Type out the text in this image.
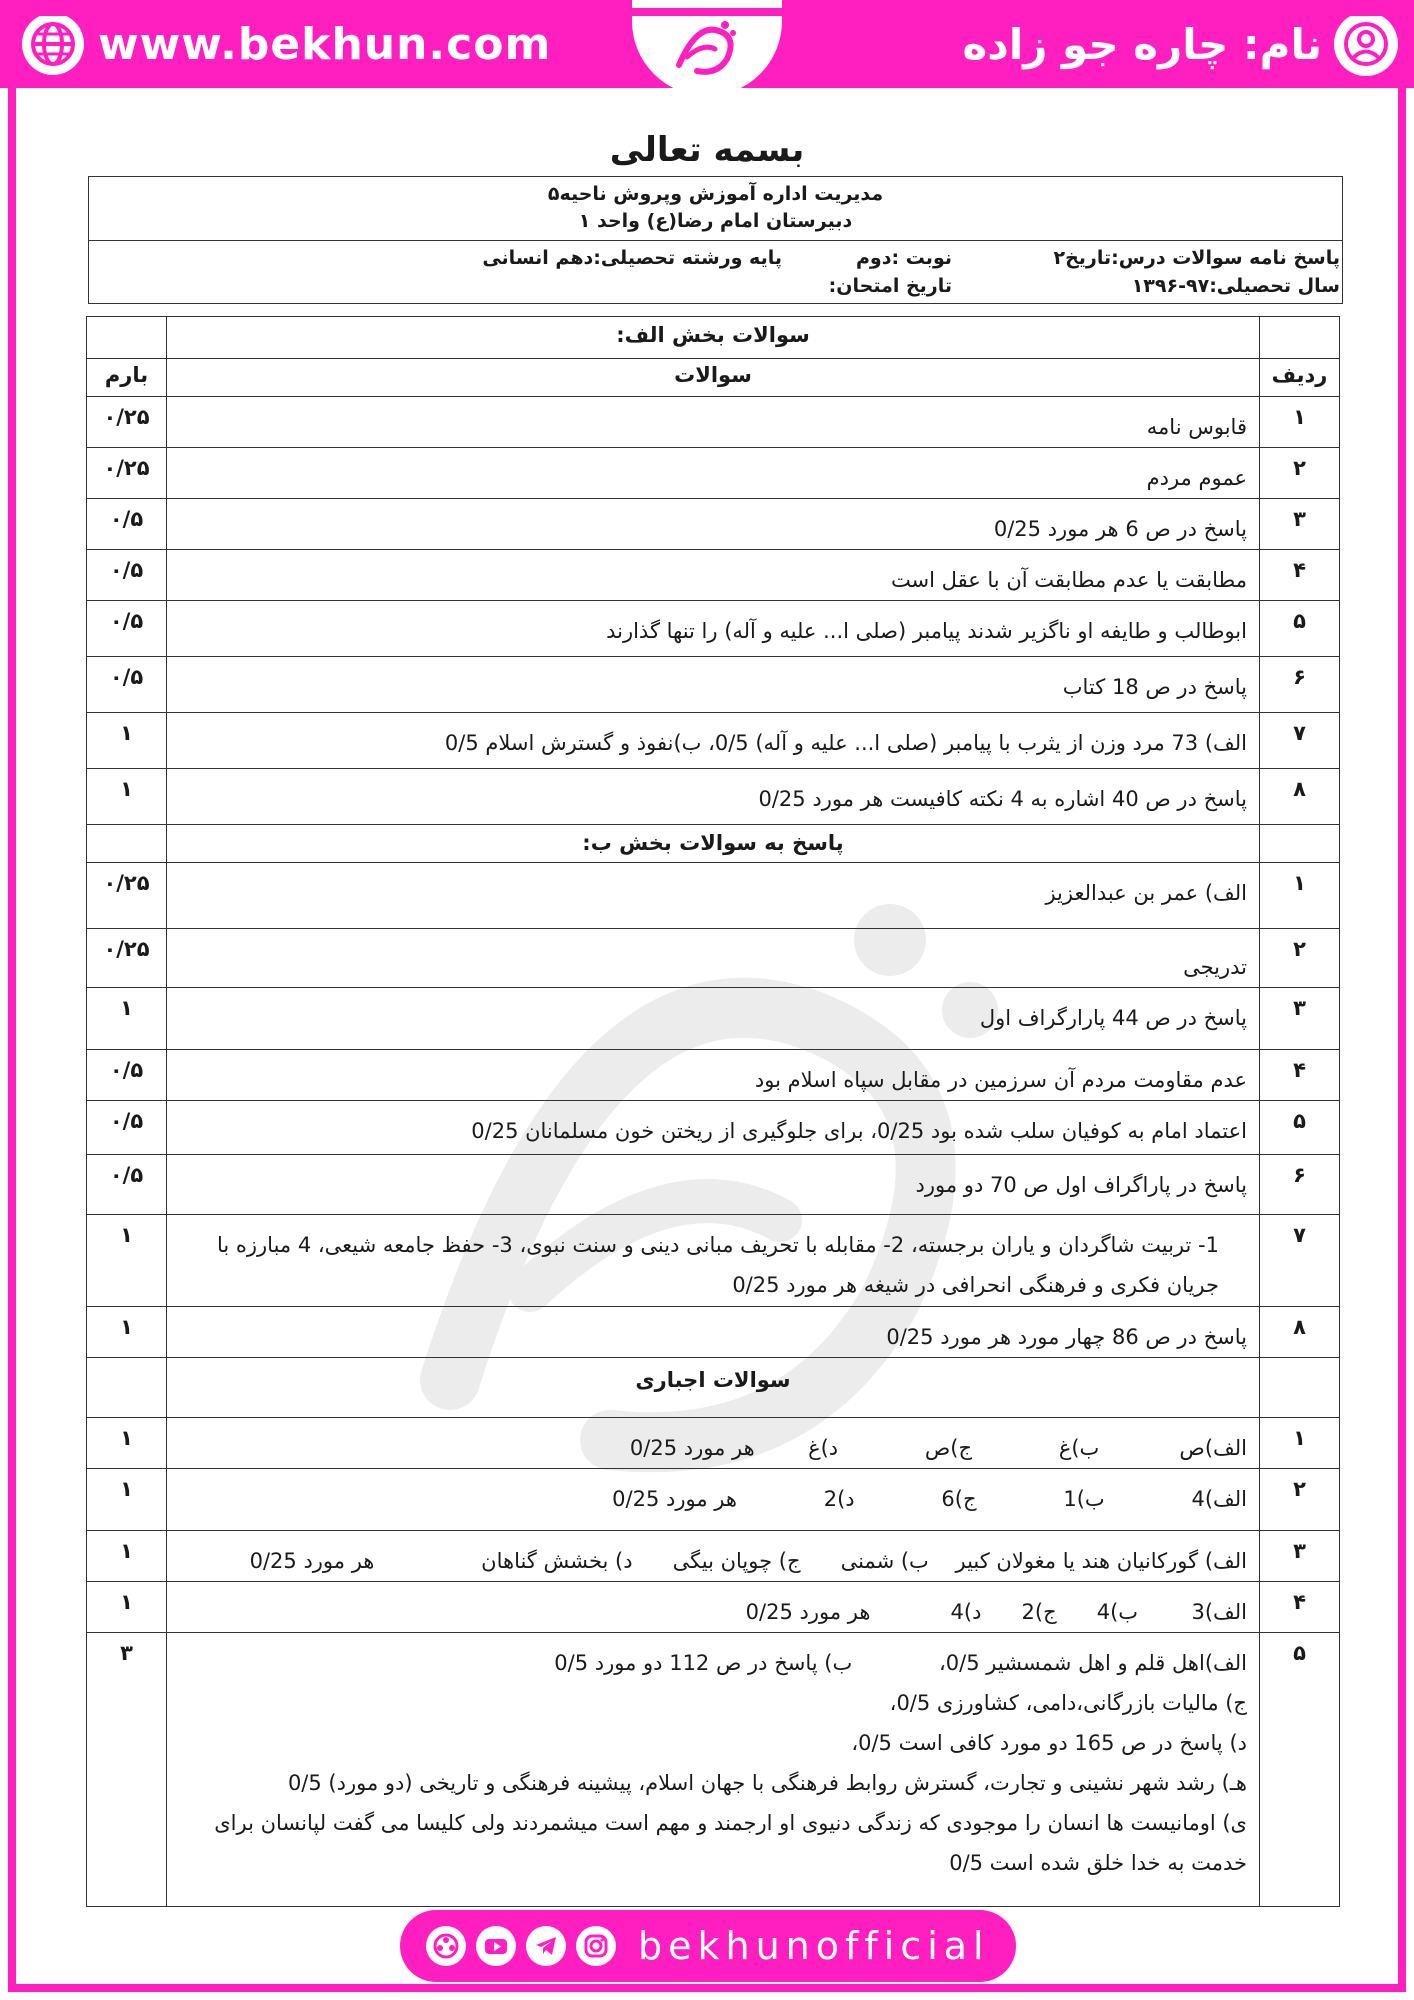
www.bekhun.com	نام: چاره جو زاده
بسمه تعالی
مدیریت اداره آموزش وپروش ناحیه۵
دبیرستان امام رضا(ع) واحد ۱
پاسخ نامه سوالات درس:تاریخ۲
نوبت :دوم
پایه ورشته تحصیلی:دهم انسانی
سال تحصیلی:۹۷-۱۳۹۶
تاریخ امتحان:
	سوالات بخش الف:	
ردیف	سوالات	بارم
۱	قابوس نامه	۰/۲۵
۲	عموم مردم	۰/۲۵
۳	پاسخ در ص 6 هر مورد 0/25	۰/۵
۴	مطابقت یا عدم مطابقت آن با عقل است	۰/۵
۵	ابوطالب و طایفه او ناگزیر شدند پیامبر (صلی ا... علیه و آله) را تنها گذارند	۰/۵
۶	پاسخ در ص 18 کتاب	۰/۵
۷	الف) 73 مرد وزن از یثرب با پیامبر (صلی ا... علیه و آله) 0/5، ب)نفوذ و گسترش اسلام 0/5	۱
۸	پاسخ در ص 40 اشاره به 4 نکته کافیست هر مورد 0/25	۱
	پاسخ به سوالات بخش ب:	
۱	الف) عمر بن عبدالعزیز	۰/۲۵
۲	تدریجی	۰/۲۵
۳	پاسخ در ص 44 پارارگراف اول	۱
۴	عدم مقاومت مردم آن سرزمین در مقابل سپاه اسلام بود	۰/۵
۵	اعتماد امام به کوفیان سلب شده بود 0/25، برای جلوگیری از ریختن خون مسلمانان 0/25	۰/۵
۶	پاسخ در پاراگراف اول ص 70 دو مورد	۰/۵
۷	1- تربیت شاگردان و یاران برجسته، 2- مقابله با تحریف مبانی دینی و سنت نبوی، 3- حفظ جامعه شیعی، 4 مبارزه با جریان فکری و فرهنگی انحرافی در شیغه هر مورد 0/25	۱
۸	پاسخ در ص 86 چهار مورد هر مورد 0/25	۱
	سوالات اجباری	
۱	الف)ص            ب)غ             ج)ص             د)غ        هر مورد 0/25	۱
۲	الف)4             ب)1             ج)6             د)2             هر مورد 0/25	۱
۳	الف) گورکانیان هند یا مغولان کبیر    ب) شمنی      ج) چوپان بیگی      د) بخشش گناهان                هر مورد 0/25	۱
۴	الف)3        ب)4      ج)2      د)4            هر مورد 0/25	۱
۵	الف)اهل قلم و اهل شمسشیر 0/5،             ب) پاسخ در ص 112 دو مورد 0/5
ج) مالیات بازرگانی،دامی، کشاورزی 0/5،
د) پاسخ در ص 165 دو مورد کافی است 0/5،
هـ) رشد شهر نشینی و تجارت، گسترش روابط فرهنگی با جهان اسلام، پیشینه فرهنگی و تاریخی (دو مورد) 0/5
ی) اومانیست ها انسان را موجودی که زندگی دنیوی او ارجمند و مهم است میشمردند ولی کلیسا می گفت لپانسان برای خدمت به خدا خلق شده است 0/5	۳
bekhunofficial
